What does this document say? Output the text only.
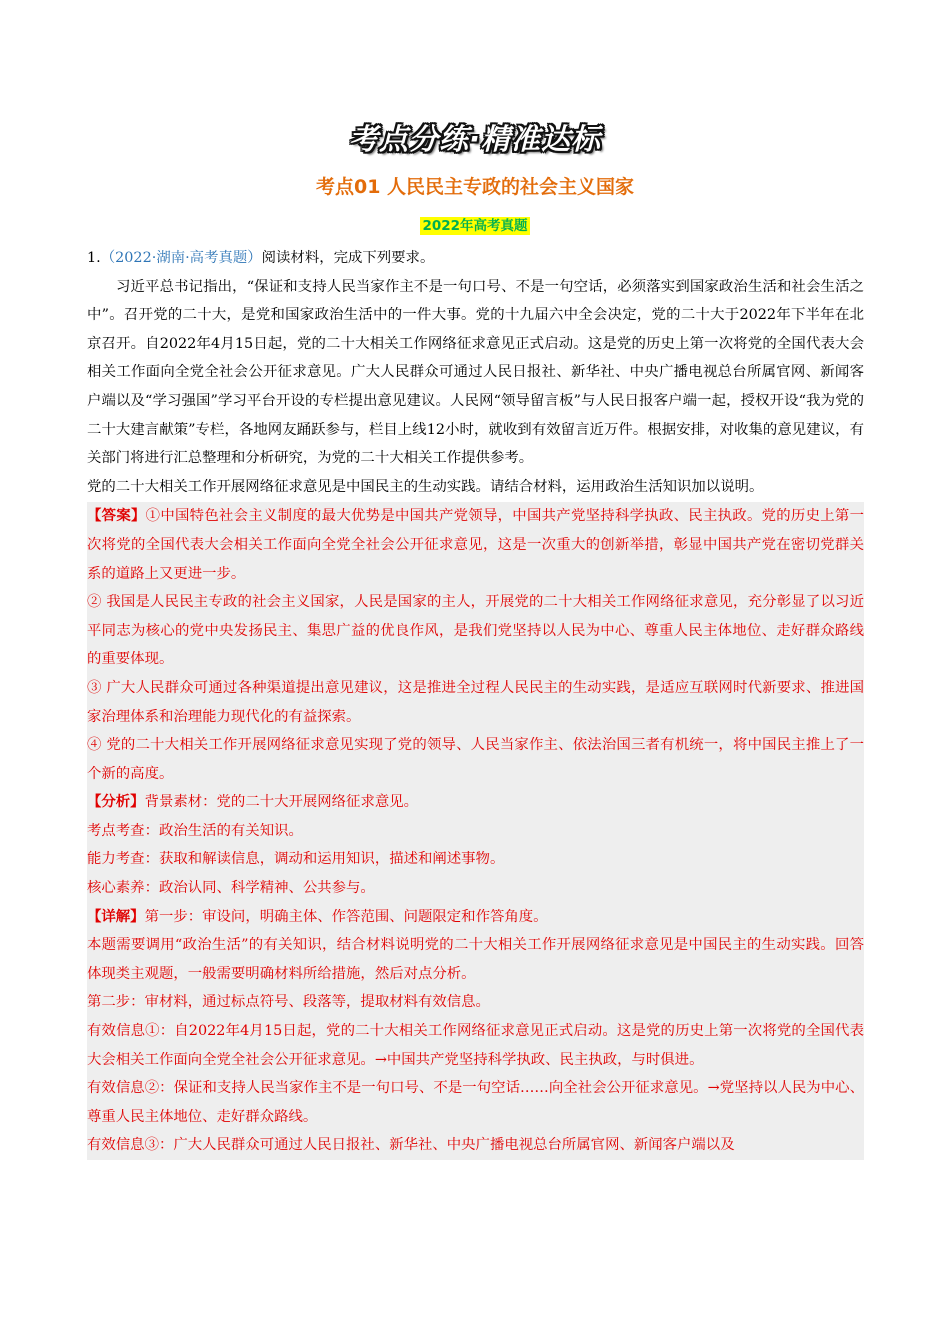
考点分练·精准达标
考点01 人民民主专政的社会主义国家
2022年高考真题

1.（2022·湖南·高考真题）阅读材料，完成下列要求。

习近平总书记指出，“保证和支持人民当家作主不是一句口号、不是一句空话，必须落实到国家政治生活和社会生活之中”。召开党的二十大，是党和国家政治生活中的一件大事。党的十九届六中全会决定，党的二十大于2022年下半年在北京召开。自2022年4月15日起，党的二十大相关工作网络征求意见正式启动。这是党的历史上第一次将党的全国代表大会相关工作面向全党全社会公开征求意见。广大人民群众可通过人民日报社、新华社、中央广播电视总台所属官网、新闻客户端以及“学习强国”学习平台开设的专栏提出意见建议。人民网“领导留言板”与人民日报客户端一起，授权开设“我为党的二十大建言献策”专栏，各地网友踊跃参与，栏目上线12小时，就收到有效留言近万件。根据安排，对收集的意见建议，有关部门将进行汇总整理和分析研究，为党的二十大相关工作提供参考。

党的二十大相关工作开展网络征求意见是中国民主的生动实践。请结合材料，运用政治生活知识加以说明。

【答案】①中国特色社会主义制度的最大优势是中国共产党领导，中国共产党坚持科学执政、民主执政。党的历史上第一次将党的全国代表大会相关工作面向全党全社会公开征求意见，这是一次重大的创新举措，彰显中国共产党在密切党群关系的道路上又更进一步。

② 我国是人民民主专政的社会主义国家，人民是国家的主人，开展党的二十大相关工作网络征求意见，充分彰显了以习近平同志为核心的党中央发扬民主、集思广益的优良作风，是我们党坚持以人民为中心、尊重人民主体地位、走好群众路线的重要体现。

③ 广大人民群众可通过各种渠道提出意见建议，这是推进全过程人民民主的生动实践，是适应互联网时代新要求、推进国家治理体系和治理能力现代化的有益探索。

④ 党的二十大相关工作开展网络征求意见实现了党的领导、人民当家作主、依法治国三者有机统一，将中国民主推上了一个新的高度。

【分析】背景素材：党的二十大开展网络征求意见。

考点考查：政治生活的有关知识。

能力考查：获取和解读信息，调动和运用知识，描述和阐述事物。

核心素养：政治认同、科学精神、公共参与。

【详解】第一步：审设问，明确主体、作答范围、问题限定和作答角度。

本题需要调用“政治生活”的有关知识，结合材料说明党的二十大相关工作开展网络征求意见是中国民主的生动实践。回答体现类主观题，一般需要明确材料所给措施，然后对点分析。

第二步：审材料，通过标点符号、段落等，提取材料有效信息。

有效信息①：自2022年4月15日起，党的二十大相关工作网络征求意见正式启动。这是党的历史上第一次将党的全国代表大会相关工作面向全党全社会公开征求意见。→中国共产党坚持科学执政、民主执政，与时俱进。

有效信息②：保证和支持人民当家作主不是一句口号、不是一句空话……向全社会公开征求意见。→党坚持以人民为中心、尊重人民主体地位、走好群众路线。

有效信息③：广大人民群众可通过人民日报社、新华社、中央广播电视总台所属官网、新闻客户端以及
